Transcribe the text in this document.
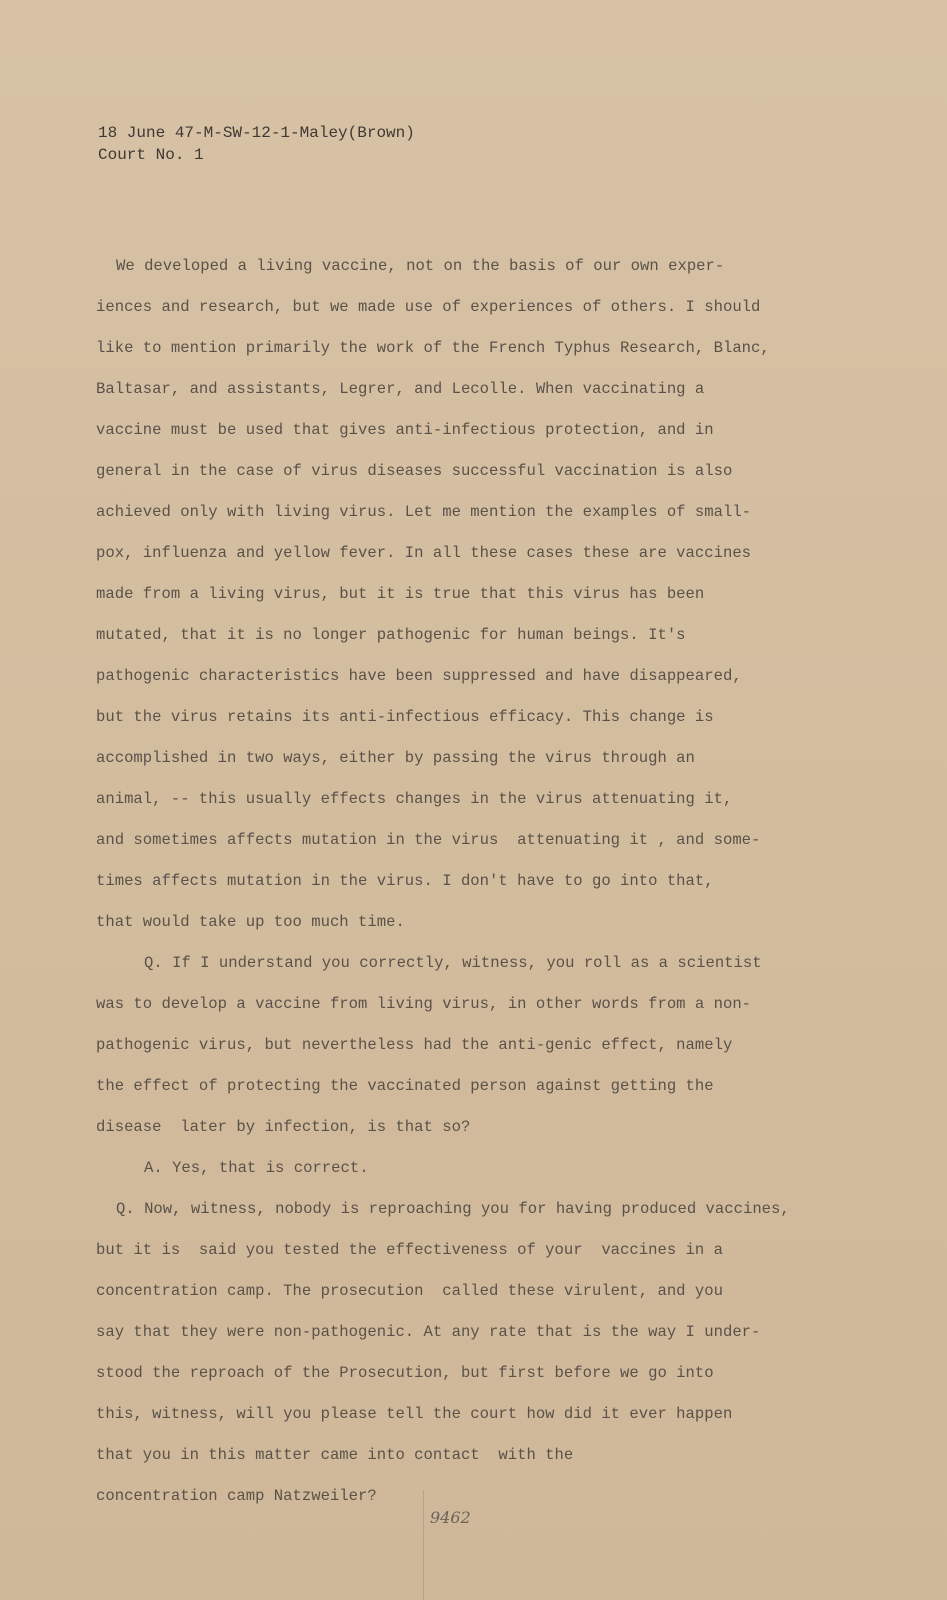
18 June 47-M-SW-12-1-Maley(Brown)
Court No. 1
We developed a living vaccine, not on the basis of our own exper-
iences and research, but we made use of experiences of others. I should
like to mention primarily the work of the French Typhus Research, Blanc,
Baltasar, and assistants, Legrer, and Lecolle. When vaccinating a
vaccine must be used that gives anti-infectious protection, and in
general in the case of virus diseases successful vaccination is also
achieved only with living virus. Let me mention the examples of small-
pox, influenza and yellow fever. In all these cases these are vaccines
made from a living virus, but it is true that this virus has been
mutated, that it is no longer pathogenic for human beings. It's
pathogenic characteristics have been suppressed and have disappeared,
but the virus retains its anti-infectious efficacy. This change is
accomplished in two ways, either by passing the virus through an
animal, -- this usually effects changes in the virus attenuating it,
and sometimes affects mutation in the virus  attenuating it , and some-
times affects mutation in the virus. I don't have to go into that,
that would take up too much time.
Q. If I understand you correctly, witness, you roll as a scientist
was to develop a vaccine from living virus, in other words from a non-
pathogenic virus, but nevertheless had the anti-genic effect, namely
the effect of protecting the vaccinated person against getting the
disease  later by infection, is that so?
A. Yes, that is correct.
Q. Now, witness, nobody is reproaching you for having produced vaccines,
but it is  said you tested the effectiveness of your  vaccines in a
concentration camp. The prosecution  called these virulent, and you
say that they were non-pathogenic. At any rate that is the way I under-
stood the reproach of the Prosecution, but first before we go into
this, witness, will you please tell the court how did it ever happen
that you in this matter came into contact  with the
concentration camp Natzweiler?
9462
